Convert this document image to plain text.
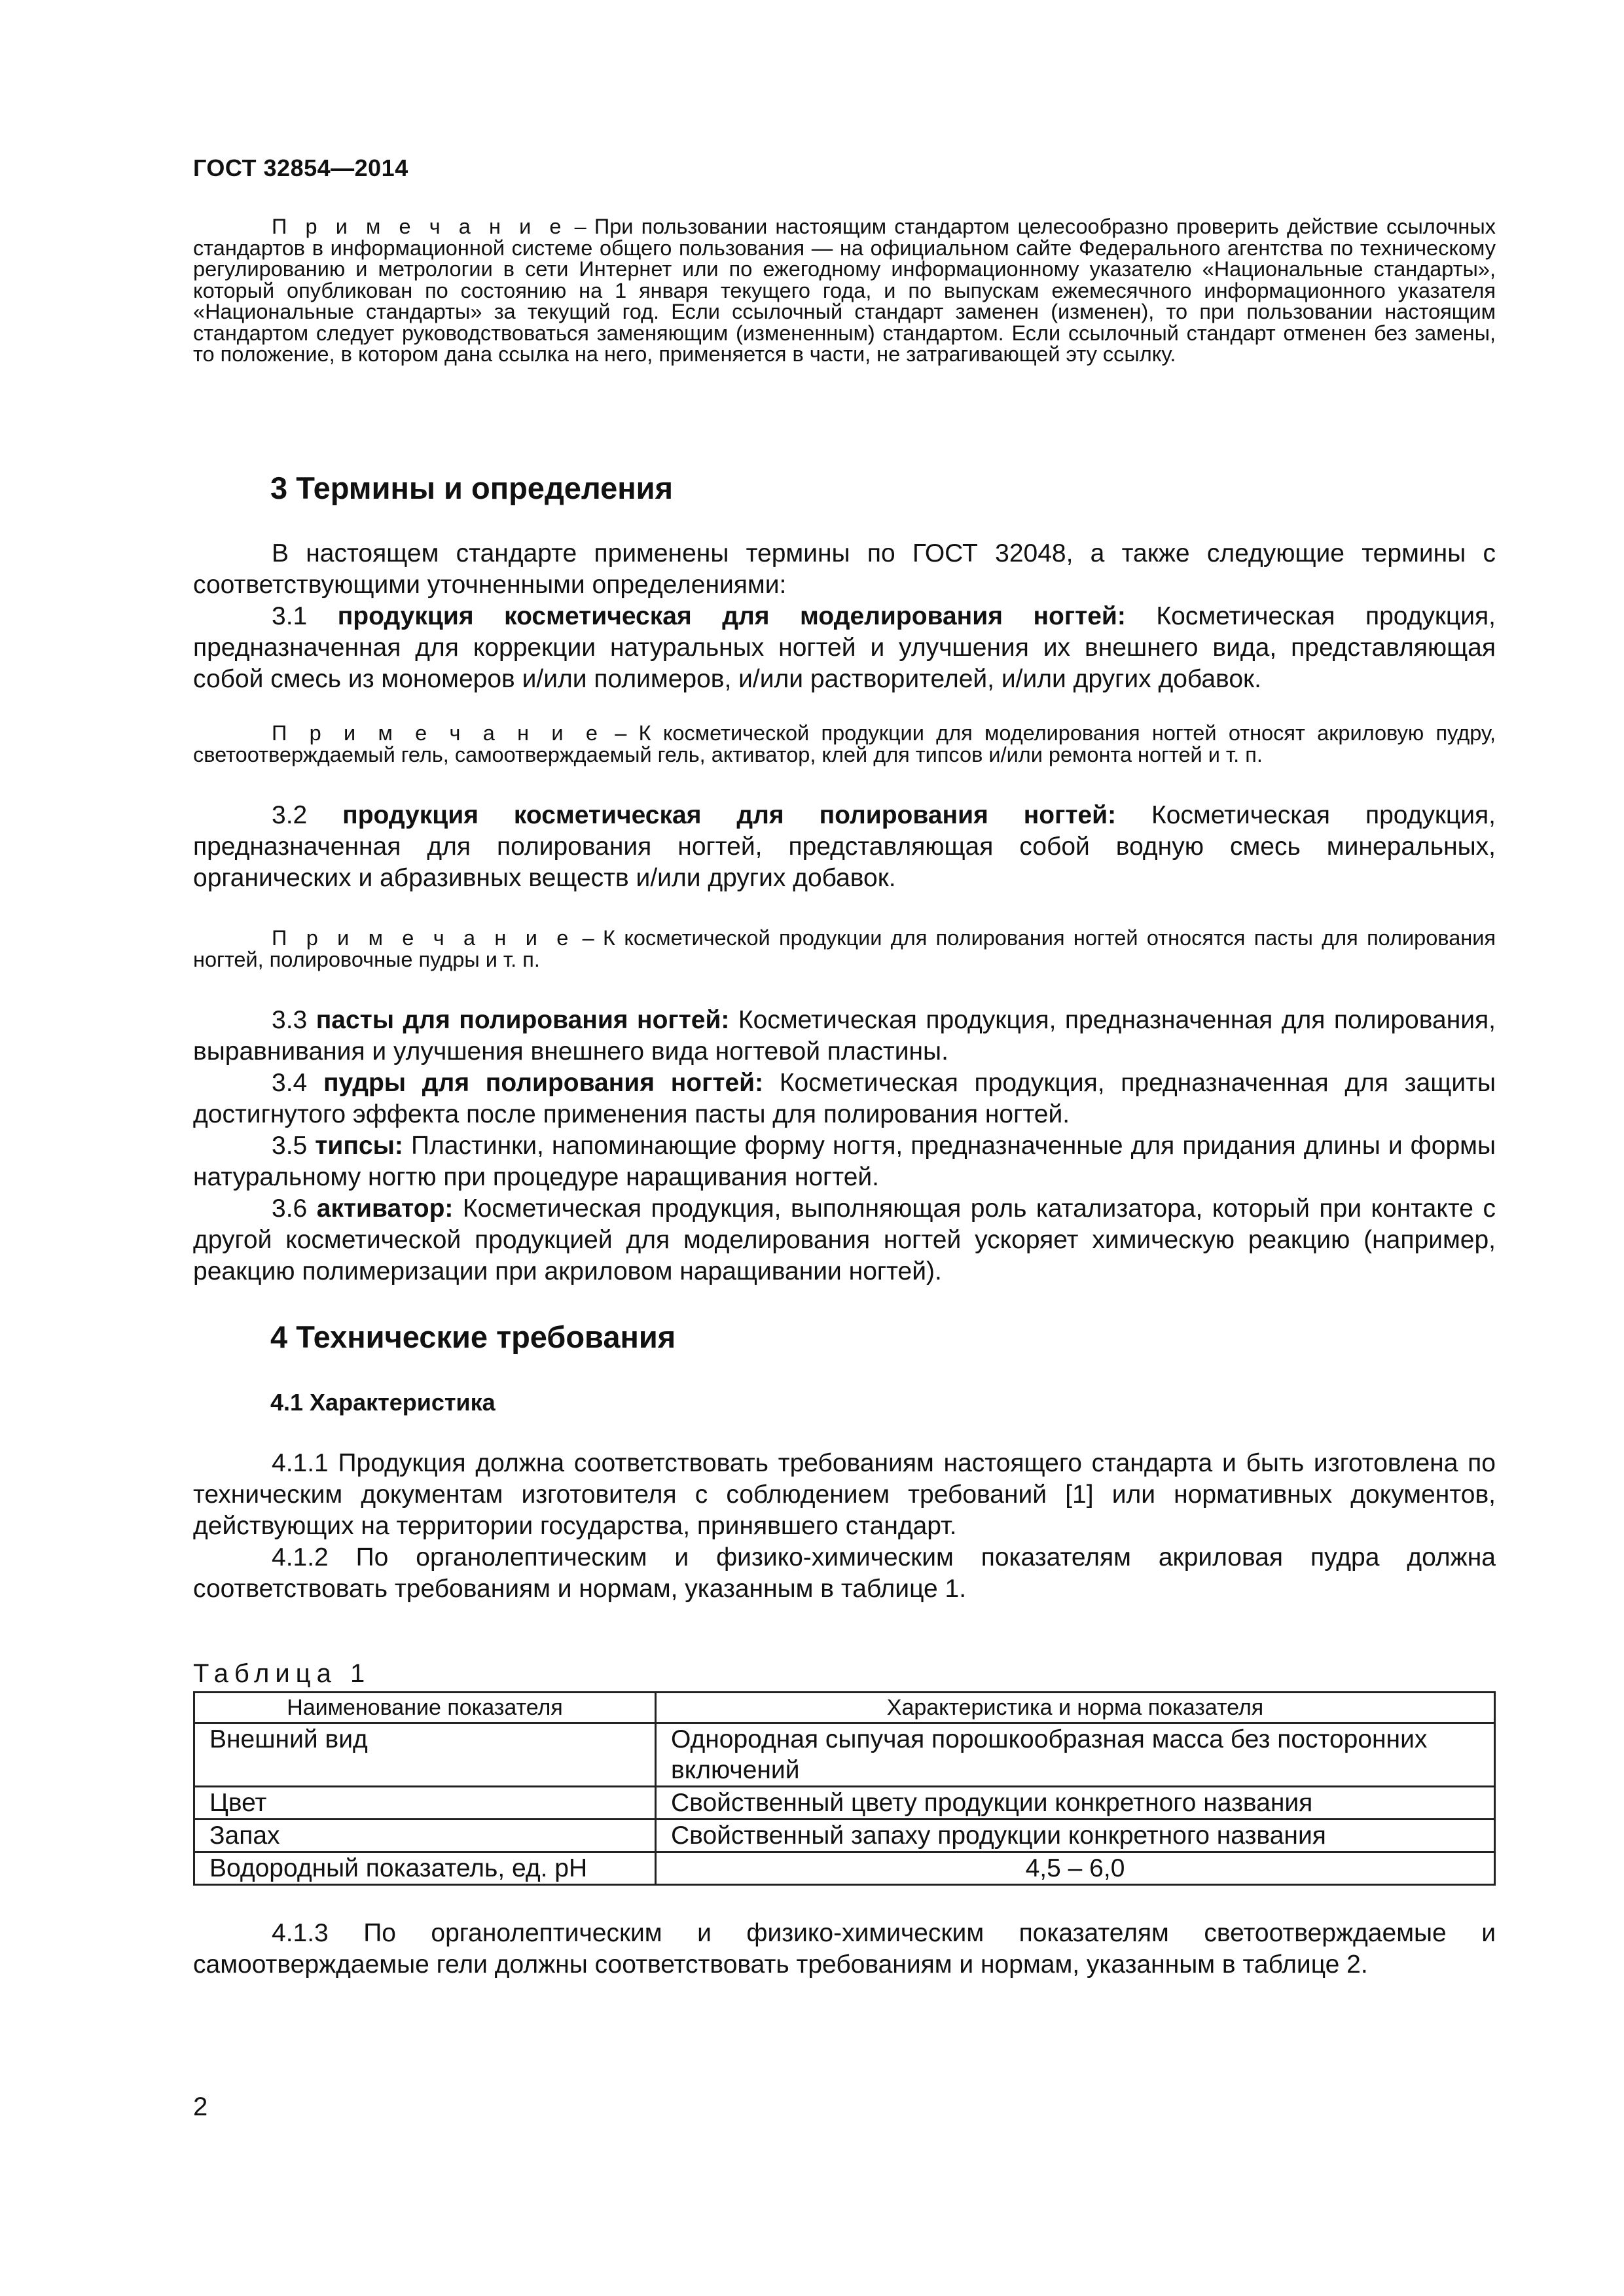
ГОСТ 32854—2014

П р и м е ч а н и е – При пользовании настоящим стандартом целесообразно проверить действие ссылочных стандартов в информационной системе общего пользования — на официальном сайте Федерального агентства по техническому регулированию и метрологии в сети Интернет или по ежегодному информационному указателю «Национальные стандарты», который опубликован по состоянию на 1 января текущего года, и по выпускам ежемесячного информационного указателя «Национальные стандарты» за текущий год. Если ссылочный стандарт заменен (изменен), то при пользовании настоящим стандартом следует руководствоваться заменяющим (измененным) стандартом. Если ссылочный стандарт отменен без замены, то положение, в котором дана ссылка на него, применяется в части, не затрагивающей эту ссылку.

3 Термины и определения

В настоящем стандарте применены термины по ГОСТ 32048, а также следующие термины с соответствующими уточненными определениями:

3.1 продукция косметическая для моделирования ногтей: Косметическая продукция, предназначенная для коррекции натуральных ногтей и улучшения их внешнего вида, представляющая собой смесь из мономеров и/или полимеров, и/или растворителей, и/или других добавок.

П р и м е ч а н и е – К косметической продукции для моделирования ногтей относят акриловую пудру, светоотверждаемый гель, самоотверждаемый гель, активатор, клей для типсов и/или ремонта ногтей и т. п.

3.2 продукция косметическая для полирования ногтей: Косметическая продукция, предназначенная для полирования ногтей, представляющая собой водную смесь минеральных, органических и абразивных веществ и/или других добавок.

П р и м е ч а н и е – К косметической продукции для полирования ногтей относятся пасты для полирования ногтей, полировочные пудры и т. п.

3.3 пасты для полирования ногтей: Косметическая продукция, предназначенная для полирования, выравнивания и улучшения внешнего вида ногтевой пластины.

3.4 пудры для полирования ногтей: Косметическая продукция, предназначенная для защиты достигнутого эффекта после применения пасты для полирования ногтей.

3.5 типсы: Пластинки, напоминающие форму ногтя, предназначенные для придания длины и формы натуральному ногтю при процедуре наращивания ногтей.

3.6 активатор: Косметическая продукция, выполняющая роль катализатора, который при контакте с другой косметической продукцией для моделирования ногтей ускоряет химическую реакцию (например, реакцию полимеризации при акриловом наращивании ногтей).

4 Технические требования
4.1 Характеристика

4.1.1 Продукция должна соответствовать требованиям настоящего стандарта и быть изготовлена по техническим документам изготовителя с соблюдением требований [1] или нормативных документов, действующих на территории государства, принявшего стандарт.

4.1.2 По органолептическим и физико-химическим показателям акриловая пудра должна соответствовать требованиям и нормам, указанным в таблице 1.

Таблица 1
Наименование показателя	Характеристика и норма показателя
Внешний вид	Однородная сыпучая порошкообразная масса без посторонних включений
Цвет	Свойственный цвету продукции конкретного названия
Запах	Свойственный запаху продукции конкретного названия
Водородный показатель, ед. pH	4,5 – 6,0

4.1.3 По органолептическим и физико-химическим показателям светоотверждаемые и самоотверждаемые гели должны соответствовать требованиям и нормам, указанным в таблице 2.

2
